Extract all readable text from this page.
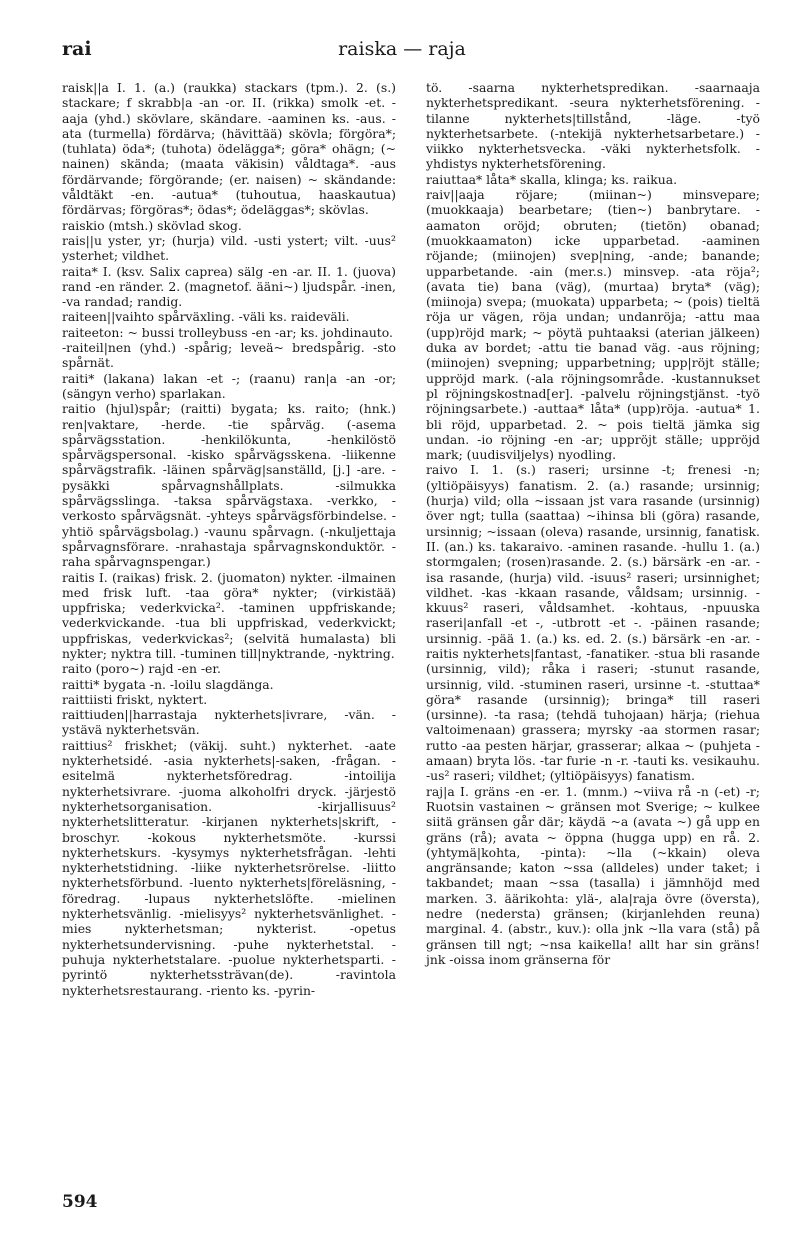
rai	raiska — raja

raisk||a I. 1. (a.) (raukka) stackars (tpm.). 2. (s.) stackare; f skrabb|a -an -or. II. (rikka) smolk -et. -aaja (yhd.) skövlare, skändare. -aaminen ks. -aus. -ata (turmella) fördärva; (hävittää) skövla; förgöra*; (tuhlata) öda*; (tuhota) ödelägga*; göra* ohägn; (~ nainen) skända; (maata väkisin) våldtaga*. -aus fördärvande; förgörande; (er. naisen) ~ skändande: våldtäkt -en. -autua* (tuhoutua, haaskautua) fördärvas; förgöras*; ödas*; ödeläggas*; skövlas.

raiskio (mtsh.) skövlad skog.

rais||u yster, yr; (hurja) vild. -usti ystert; vilt. -uus² ysterhet; vildhet.

raita* I. (ksv. Salix caprea) sälg -en -ar. II. 1. (juova) rand -en ränder. 2. (magnetof. ääni~) ljudspår. -inen, -va randad; randig.

raiteen||vaihto spårväxling. -väli ks. raideväli.

raiteeton: ~ bussi trolleybuss -en -ar; ks. johdinauto.

-raiteil|nen (yhd.) -spårig; leveä~ bredspårig. -sto spårnät.

raiti* (lakana) lakan -et -; (raanu) ran|a -an -or; (sängyn verho) sparlakan.

raitio (hjul)spår; (raitti) bygata; ks. raito; (hnk.) ren|vaktare, -herde. -tie spårväg. (-asema spårvägsstation. -henkilökunta, -henkilöstö spårvägspersonal. -kisko spårvägsskena. -liikenne spårvägstrafik. -läinen spårväg|sanställd, [j.] -are. -pysäkki spårvagnshållplats. -silmukka spårvägsslinga. -taksa spårvägstaxa. -verkko, -verkosto spårvägsnät. -yhteys spårvägsförbindelse. -yhtiö spårvägsbolag.) -vaunu spårvagn. (-nkuljettaja spårvagnsförare. -nrahastaja spårvagnskonduktör. -raha spårvagnspengar.)

raitis I. (raikas) frisk. 2. (juomaton) nykter. -ilmainen med frisk luft. -taa göra* nykter; (virkistää) uppfriska; vederkvicka². -taminen uppfriskande; vederkvickande. -tua bli uppfriskad, vederkvickt; uppfriskas, vederkvickas²; (selvitä humalasta) bli nykter; nyktra till. -tuminen till|nyktrande, -nyktring.

raito (poro~) rajd -en -er.

raitti* bygata -n. -loilu slagdänga.

raittiisti friskt, nyktert.

raittiuden||harrastaja nykterhets|ivrare, -vän. -ystävä nykterhetsvän.

raittius² friskhet; (väkij. suht.) nykterhet. -aate nykterhetsidé. -asia nykterhets|-saken, -frågan. -esitelmä nykterhetsföredrag. -intoilija nykterhetsivrare. -juoma alkoholfri dryck. -järjestö nykterhetsorganisation. -kirjallisuus² nykterhetslitteratur. -kirjanen nykterhets|skrift, -broschyr. -kokous nykterhetsmöte. -kurssi nykterhetskurs. -kysymys nykterhetsfrågan. -lehti nykterhetstidning. -liike nykterhetsrörelse. -liitto nykterhetsförbund. -luento nykterhets|föreläsning, -föredrag. -lupaus nykterhetslöfte. -mielinen nykterhetsvänlig. -mielisyys² nykterhetsvänlighet. -mies nykterhetsman; nykterist. -opetus nykterhetsundervisning. -puhe nykterhetstal. -puhuja nykterhetstalare. -puolue nykterhetsparti. -pyrintö nykterhetssträvan(de). -ravintola nykterhetsrestaurang. -riento ks. -pyrin-

tö. -saarna nykterhetspredikan. -saarnaaja nykterhetspredikant. -seura nykterhetsförening. -tilanne nykterhets|tillstånd, -läge. -työ nykterhetsarbete. (-ntekijä nykterhetsarbetare.) -viikko nykterhetsvecka. -väki nykterhetsfolk. -yhdistys nykterhetsförening.

raiuttaa* låta* skalla, klinga; ks. raikua.

raiv||aaja röjare; (miinan~) minsvepare; (muokkaaja) bearbetare; (tien~) banbrytare. -aamaton oröjd; obruten; (tietön) obanad; (muokkaamaton) icke upparbetad. -aaminen röjande; (miinojen) svep|ning, -ande; banande; upparbetande. -ain (mer.s.) minsvep. -ata röja²; (avata tie) bana (väg), (murtaa) bryta* (väg); (miinoja) svepa; (muokata) upparbeta; ~ (pois) tieltä röja ur vägen, röja undan; undanröja; -attu maa (upp)röjd mark; ~ pöytä puhtaaksi (aterian jälkeen) duka av bordet; -attu tie banad väg. -aus röjning; (miinojen) svepning; upparbetning; upp|röjt ställe; uppröjd mark. (-ala röjningsområde. -kustannukset pl röjningskostnad[er]. -palvelu röjningstjänst. -työ röjningsarbete.) -auttaa* låta* (upp)röja. -autua* 1. bli röjd, upparbetad. 2. ~ pois tieltä jämka sig undan. -io röjning -en -ar; uppröjt ställe; uppröjd mark; (uudisviljelys) nyodling.

raivo I. 1. (s.) raseri; ursinne -t; frenesi -n; (yltiöpäisyys) fanatism. 2. (a.) rasande; ursinnig; (hurja) vild; olla ~issaan jst vara rasande (ursinnig) över ngt; tulla (saattaa) ~ihinsa bli (göra) rasande, ursinnig; ~issaan (oleva) rasande, ursinnig, fanatisk. II. (an.) ks. takaraivo. -aminen rasande. -hullu 1. (a.) stormgalen; (rosen)rasande. 2. (s.) bärsärk -en -ar. -isa rasande, (hurja) vild. -isuus² raseri; ursinnighet; vildhet. -kas -kkaan rasande, våldsam; ursinnig. -kkuus² raseri, våldsamhet. -kohtaus, -npuuska raseri|anfall -et -, -utbrott -et -. -päinen rasande; ursinnig. -pää 1. (a.) ks. ed. 2. (s.) bärsärk -en -ar. -raitis nykterhets|fantast, -fanatiker. -stua bli rasande (ursinnig, vild); råka i raseri; -stunut rasande, ursinnig, vild. -stuminen raseri, ursinne -t. -stuttaa* göra* rasande (ursinnig); bringa* till raseri (ursinne). -ta rasa; (tehdä tuhojaan) härja; (riehua valtoimenaan) grassera; myrsky -aa stormen rasar; rutto -aa pesten härjar, grasserar; alkaa ~ (puhjeta -amaan) bryta lös. -tar furie -n -r. -tauti ks. vesikauhu. -us² raseri; vildhet; (yltiöpäisyys) fanatism.

raj|a I. gräns -en -er. 1. (mnm.) ~viiva rå -n (-et) -r; Ruotsin vastainen ~ gränsen mot Sverige; ~ kulkee siitä gränsen går där; käydä ~a (avata ~) gå upp en gräns (rå); avata ~ öppna (hugga upp) en rå. 2. (yhtymä|kohta, -pinta): ~lla (~kkain) oleva angränsande; katon ~ssa (alldeles) under taket; i takbandet; maan ~ssa (tasalla) i jämnhöjd med marken. 3. äärikohta: ylä-, ala|raja övre (översta), nedre (nedersta) gränsen; (kirjanlehden reuna) marginal. 4. (abstr., kuv.): olla jnk ~lla vara (stå) på gränsen till ngt; ~nsa kaikella! allt har sin gräns! jnk -oissa inom gränserna för

594
